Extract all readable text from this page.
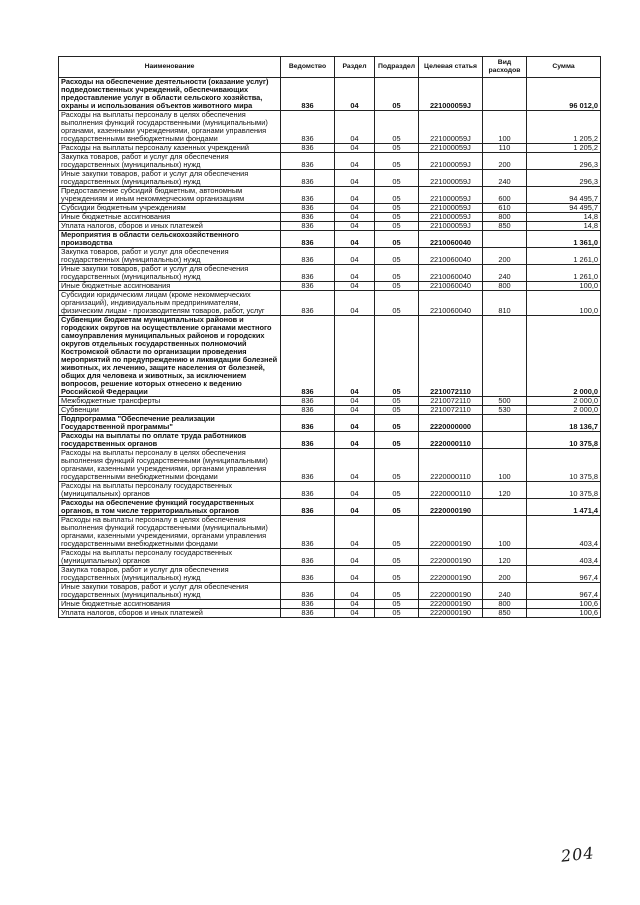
Наименование	Ведомство	Раздел	Подраздел	Целевая статья	Вид расходов	Сумма
Расходы на обеспечение деятельности (оказание услуг) подведомственных учреждений, обеспечивающих предоставление услуг в области сельского хозяйства, охраны и использования объектов животного мира	836	04	05	221000059J		96 012,0
Расходы на выплаты персоналу в целях обеспечения выполнения функций государственными (муниципальными) органами, казенными учреждениями, органами управления государственными внебюджетными фондами	836	04	05	221000059J	100	1 205,2
Расходы на выплаты персоналу казенных учреждений	836	04	05	221000059J	110	1 205,2
Закупка товаров, работ и услуг для обеспечения государственных (муниципальных) нужд	836	04	05	221000059J	200	296,3
Иные закупки товаров, работ и услуг для обеспечения государственных (муниципальных) нужд	836	04	05	221000059J	240	296,3
Предоставление субсидий бюджетным, автономным учреждениям и иным некоммерческим организациям	836	04	05	221000059J	600	94 495,7
Субсидии бюджетным учреждениям	836	04	05	221000059J	610	94 495,7
Иные бюджетные ассигнования	836	04	05	221000059J	800	14,8
Уплата налогов, сборов и иных платежей	836	04	05	221000059J	850	14,8
Мероприятия в области сельскохозяйственного производства	836	04	05	2210060040		1 361,0
Закупка товаров, работ и услуг для обеспечения государственных (муниципальных) нужд	836	04	05	2210060040	200	1 261,0
Иные закупки товаров, работ и услуг для обеспечения государственных (муниципальных) нужд	836	04	05	2210060040	240	1 261,0
Иные бюджетные ассигнования	836	04	05	2210060040	800	100,0
Субсидии юридическим лицам (кроме некоммерческих организаций), индивидуальным предпринимателям, физическим лицам - производителям товаров, работ, услуг	836	04	05	2210060040	810	100,0
Субвенции бюджетам муниципальных районов и городских округов на осуществление органами местного самоуправления муниципальных районов и городских округов отдельных государственных полномочий Костромской области по организации проведения мероприятий по предупреждению и ликвидации болезней животных, их лечению, защите населения от болезней, общих для человека и животных, за исключением вопросов, решение которых отнесено к ведению Российской Федерации	836	04	05	2210072110		2 000,0
Межбюджетные трансферты	836	04	05	2210072110	500	2 000,0
Субвенции	836	04	05	2210072110	530	2 000,0
Подпрограмма "Обеспечение реализации Государственной программы"	836	04	05	2220000000		18 136,7
Расходы на выплаты по оплате труда работников государственных органов	836	04	05	2220000110		10 375,8
Расходы на выплаты персоналу в целях обеспечения выполнения функций государственными (муниципальными) органами, казенными учреждениями, органами управления государственными внебюджетными фондами	836	04	05	2220000110	100	10 375,8
Расходы на выплаты персоналу государственных (муниципальных) органов	836	04	05	2220000110	120	10 375,8
Расходы на обеспечение функций государственных органов, в том числе территориальных органов	836	04	05	2220000190		1 471,4
Расходы на выплаты персоналу в целях обеспечения выполнения функций государственными (муниципальными) органами, казенными учреждениями, органами управления государственными внебюджетными фондами	836	04	05	2220000190	100	403,4
Расходы на выплаты персоналу государственных (муниципальных) органов	836	04	05	2220000190	120	403,4
Закупка товаров, работ и услуг для обеспечения государственных (муниципальных) нужд	836	04	05	2220000190	200	967,4
Иные закупки товаров, работ и услуг для обеспечения государственных (муниципальных) нужд	836	04	05	2220000190	240	967,4
Иные бюджетные ассигнования	836	04	05	2220000190	800	100,6
Уплата налогов, сборов и иных платежей	836	04	05	2220000190	850	100,6
204
